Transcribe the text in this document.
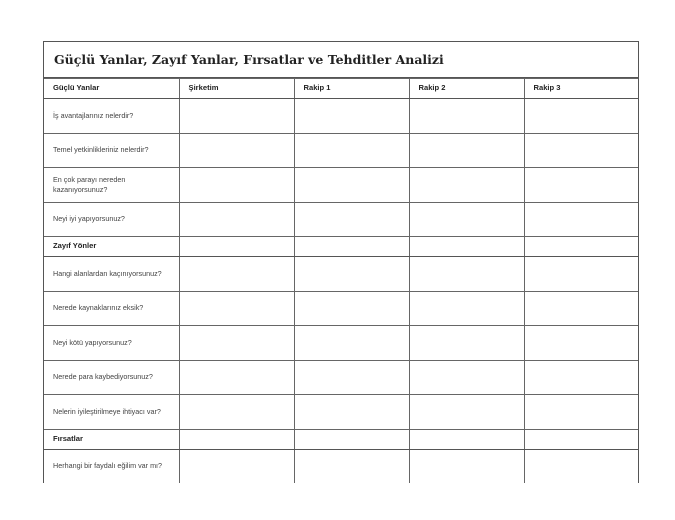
Güçlü Yanlar, Zayıf Yanlar, Fırsatlar ve Tehditler Analizi
Güçlü Yanlar	Şirketim	Rakip 1	Rakip 2	Rakip 3
İş avantajlarınız nelerdir?				
Temel yetkinlikleriniz nelerdir?				
En çok parayı nereden kazanıyorsunuz?				
Neyi iyi yapıyorsunuz?				
Zayıf Yönler				
Hangi alanlardan kaçınıyorsunuz?				
Nerede kaynaklarınız eksik?				
Neyi kötü yapıyorsunuz?				
Nerede para kaybediyorsunuz?				
Nelerin iyileştirilmeye ihtiyacı var?				
Fırsatlar				
Herhangi bir faydalı eğilim var mı?				
